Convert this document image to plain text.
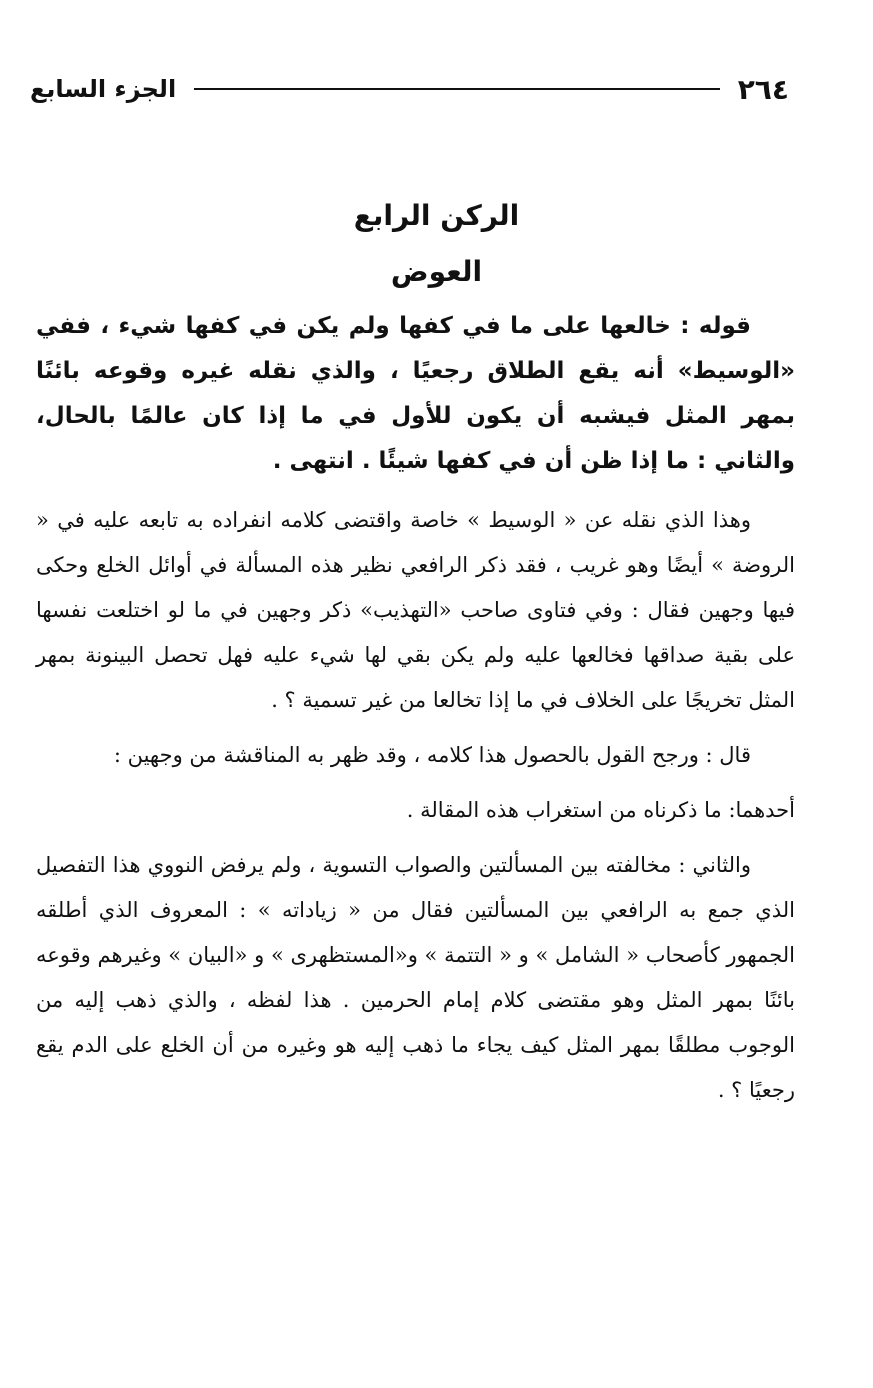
٢٦٤
الجزء السابع
الركن الرابع
العوض

قوله : خالعها على ما في كفها ولم يكن في كفها شيء ، ففي «الوسيط» أنه يقع الطلاق رجعيًا ، والذي نقله غيره وقوعه بائنًا بمهر المثل فيشبه أن يكون للأول في ما إذا كان عالمًا بالحال، والثاني : ما إذا ظن أن في كفها شيئًا . انتهى .

وهذا الذي نقله عن « الوسيط » خاصة واقتضى كلامه انفراده به تابعه عليه في « الروضة » أيضًا وهو غريب ، فقد ذكر الرافعي نظير هذه المسألة في أوائل الخلع وحكى فيها وجهين فقال : وفي فتاوى صاحب «التهذيب» ذكر وجهين في ما لو اختلعت نفسها على بقية صداقها فخالعها عليه ولم يكن بقي لها شيء عليه فهل تحصل البينونة بمهر المثل تخريجًا على الخلاف في ما إذا تخالعا من غير تسمية ؟ .

قال : ورجح القول بالحصول هذا كلامه ، وقد ظهر به المناقشة من وجهين :

أحدهما: ما ذكرناه من استغراب هذه المقالة .

والثاني : مخالفته بين المسألتين والصواب التسوية ، ولم يرفض النووي هذا التفصيل الذي جمع به الرافعي بين المسألتين فقال من « زياداته » : المعروف الذي أطلقه الجمهور كأصحاب « الشامل » و « التتمة » و«المستظهرى » و «البيان » وغيرهم وقوعه بائنًا بمهر المثل وهو مقتضى كلام إمام الحرمين . هذا لفظه ، والذي ذهب إليه من الوجوب مطلقًا بمهر المثل كيف يجاء ما ذهب إليه هو وغيره من أن الخلع على الدم يقع رجعيًا ؟ .
